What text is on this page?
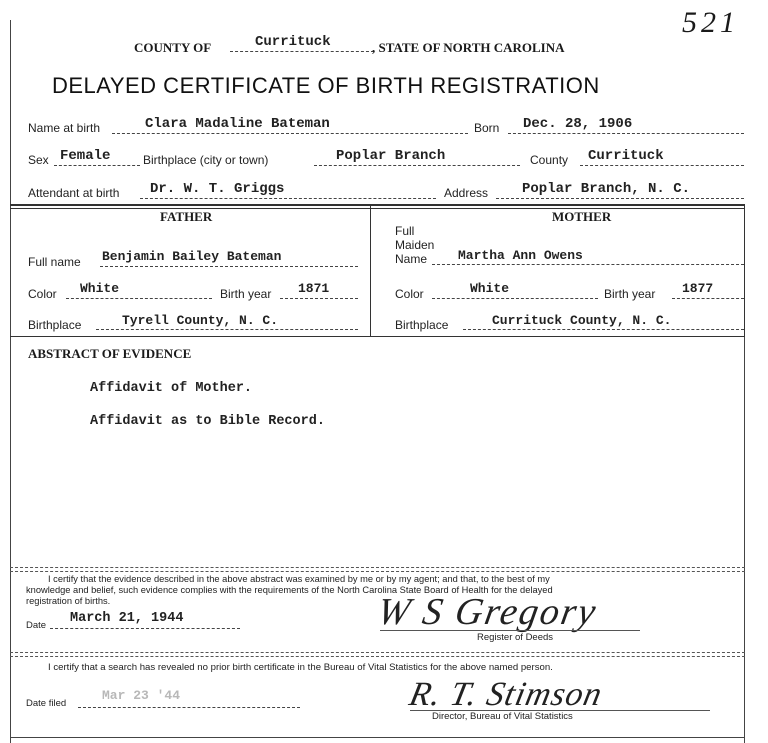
521
COUNTY OF	Currituck	, STATE OF NORTH CAROLINA
DELAYED CERTIFICATE OF BIRTH REGISTRATION
Name at birth	Clara Madaline Bateman	Born Dec. 28, 1906
Sex Female	Birthplace (city or town)	Poplar Branch	County Currituck
Attendant at birth Dr. W. T. Griggs	Address Poplar Branch, N. C.
FATHER
Full name Benjamin Bailey Bateman
Color White	Birth year 1871
Birthplace	Tyrell County, N. C.
MOTHER
Full
Maiden
Name Martha Ann Owens
Color	White	Birth year 1877
Birthplace	Currituck County, N. C.
ABSTRACT OF EVIDENCE
Affidavit of Mother.
Affidavit as to Bible Record.
I certify that the evidence described in the above abstract was examined by me or by my agent; and that, to the best of my
knowledge and belief, such evidence complies with the requirements of the North Carolina State Board of Health for the delayed
registration of births.
Date March 21, 1944	W S Gregory
Register of Deeds
I certify that a search has revealed no prior birth certificate in the Bureau of Vital Statistics for the above named person.
Date filed
Mar 23 '44	R. T. Stimson
Director, Bureau of Vital Statistics
